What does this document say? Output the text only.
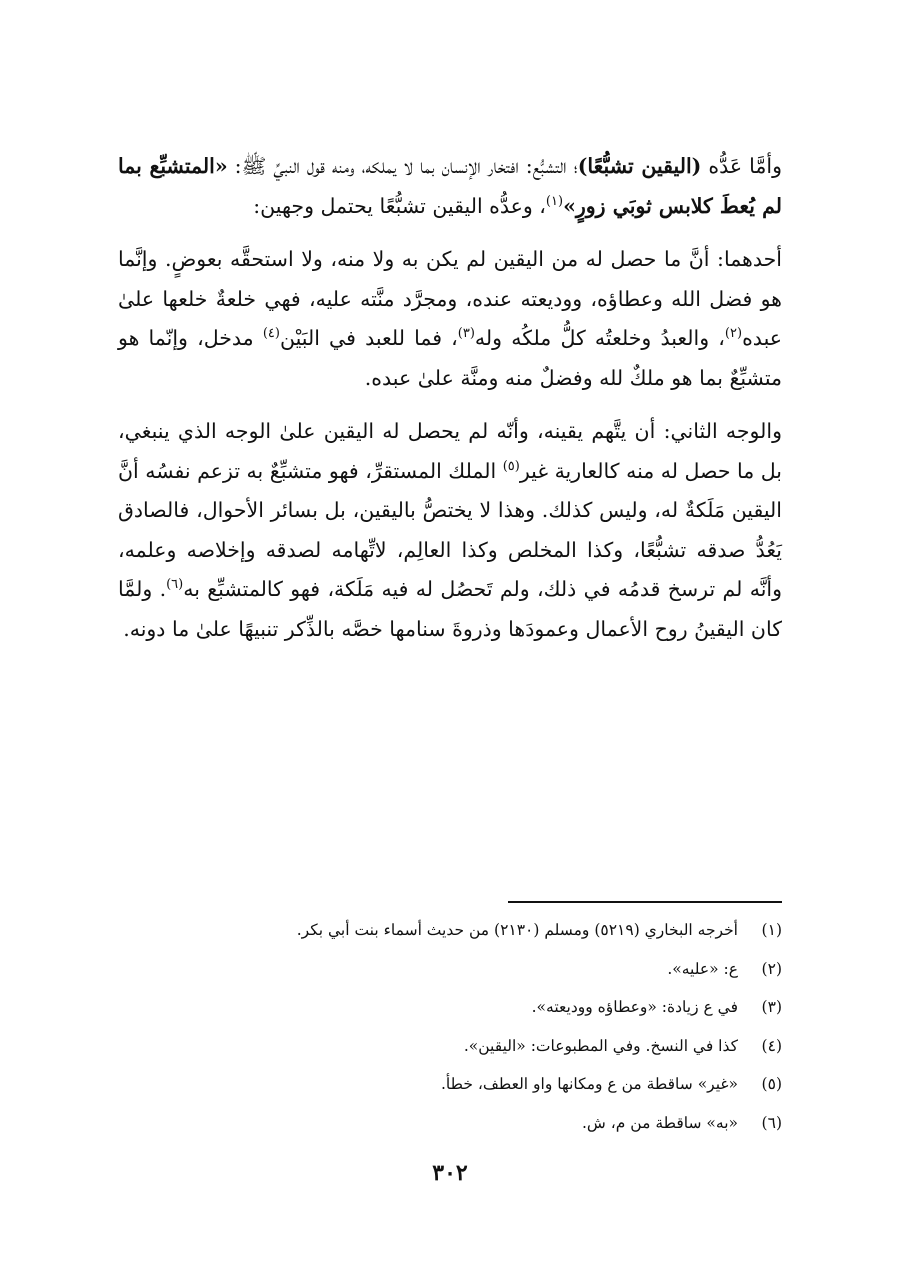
وأمَّا عَدُّه (اليقين تشبُّعًا)؛ التشبُّع: افتخار الإنسان بما لا يملكه، ومنه قول النبيِّ ﷺ: «المتشبِّع بما لم يُعطَ كلابس ثوبَي زورٍ»$^{(١)}$، وعدُّه اليقين تشبُّعًا يحتمل وجهين:

أحدهما: أنَّ ما حصل له من اليقين لم يكن به ولا منه، ولا استحقَّه بعوضٍ. وإنَّما هو فضل الله وعطاؤه، ووديعته عنده، ومجرَّد منَّته عليه، فهي خلعةٌ خلعها علىٰ عبده$^{(٢)}$، والعبدُ وخلعتُه كلُّ ملكُه وله$^{(٣)}$، فما للعبد في البَيْن$^{(٤)}$ مدخل، وإنّما هو متشبِّعٌ بما هو ملكٌ لله وفضلٌ منه ومنَّة علىٰ عبده.

والوجه الثاني: أن يتَّهم يقينه، وأنّه لم يحصل له اليقين علىٰ الوجه الذي ينبغي، بل ما حصل له منه كالعارية غير$^{(٥)}$ الملك المستقرِّ، فهو متشبِّعٌ به تزعم نفسُه أنَّ اليقين مَلَكةٌ له، وليس كذلك. وهذا لا يختصُّ باليقين، بل بسائر الأحوال، فالصادق يَعُدُّ صدقه تشبُّعًا، وكذا المخلص وكذا العالِم، لاتِّهامه لصدقه وإخلاصه وعلمه، وأنَّه لم ترسخ قدمُه في ذلك، ولم تَحصُل له فيه مَلَكة، فهو كالمتشبِّع به$^{(٦)}$. ولمَّا كان اليقينُ روح الأعمال وعمودَها وذروةَ سنامها خصَّه بالذِّكر تنبيهًا علىٰ ما دونه.

(١)
أخرجه البخاري (٥٢١٩) ومسلم (٢١٣٠) من حديث أسماء بنت أبي بكر.
(٢)
ع: «عليه».
(٣)
في ع زيادة: «وعطاؤه ووديعته».
(٤)
كذا في النسخ. وفي المطبوعات: «اليقين».
(٥)
«غير» ساقطة من ع ومكانها واو العطف، خطأ.
(٦)
«به» ساقطة من م، ش.
٣٠٢
